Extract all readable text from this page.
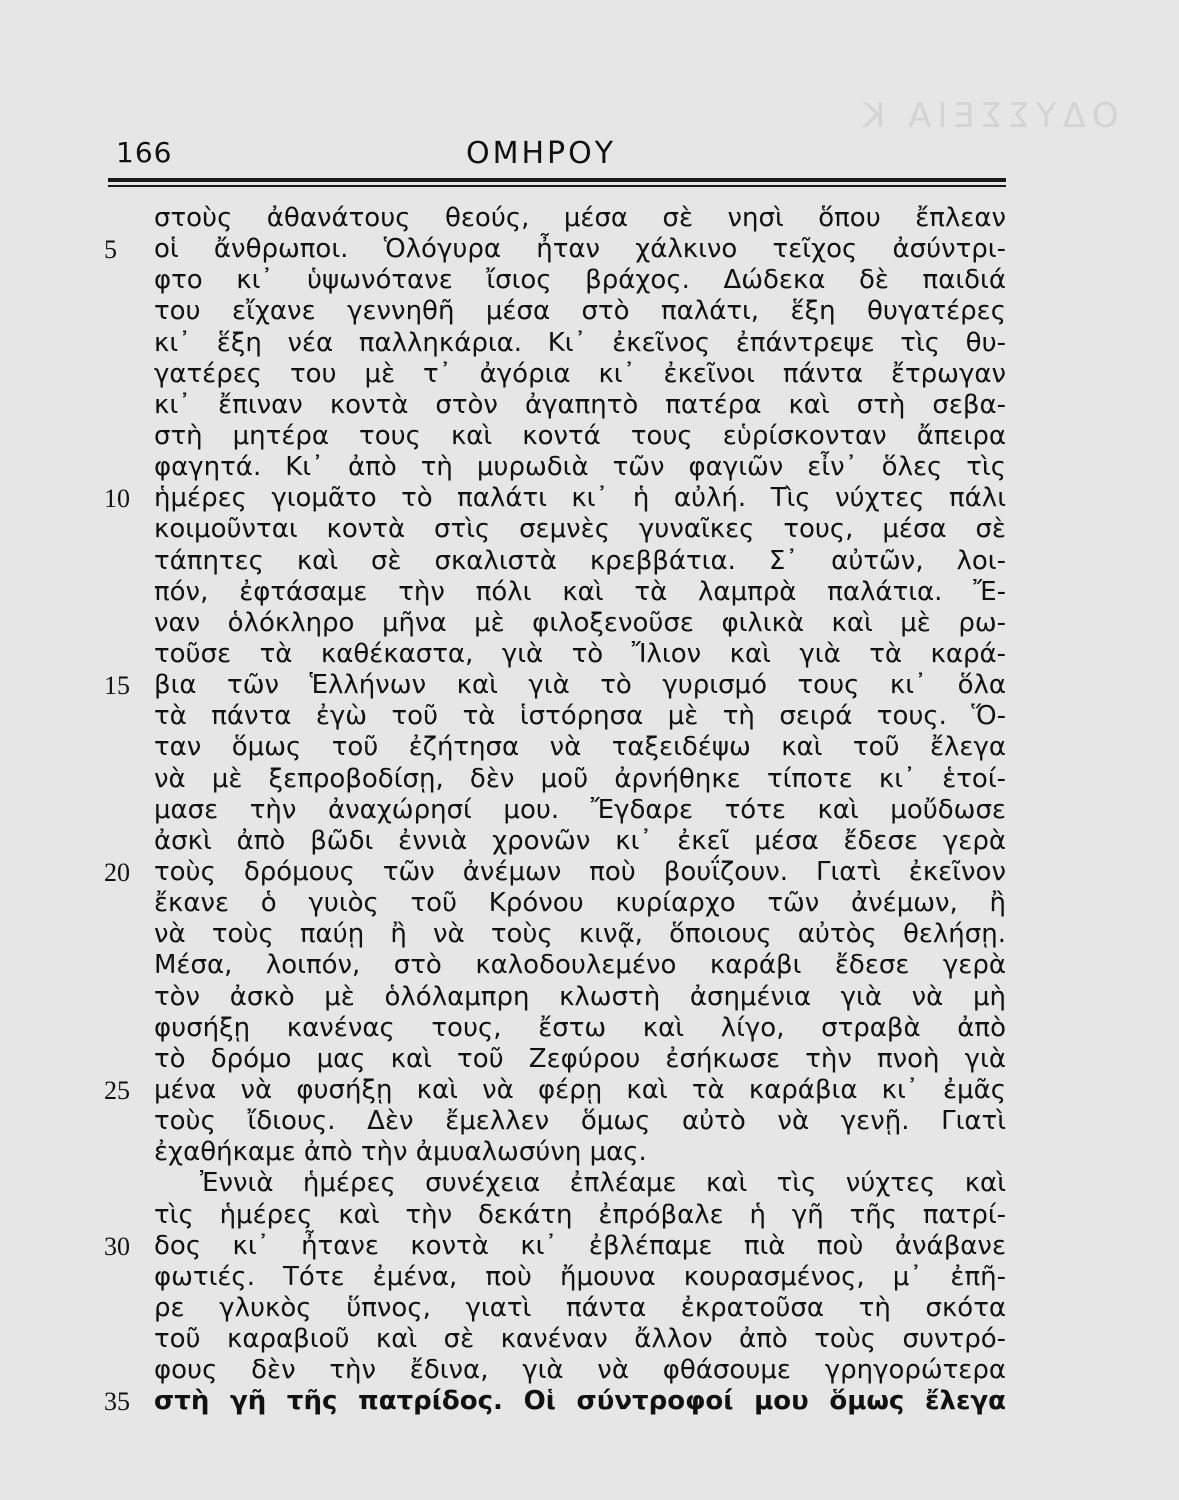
ΟΔΥΣΣΕΙΑ Κ
166	ΟΜΗΡΟΥ
στοὺς ἀθανάτους θεούς, μέσα σὲ νησὶ ὅπου ἔπλεαν
5	οἱ ἄνθρωποι. Ὁλόγυρα ἦταν χάλκινο τεῖχος ἀσύντρι-
φτο κι᾿ ὑψωνότανε ἴσιος βράχος. Δώδεκα δὲ παιδιά
του εἴχανε γεννηθῆ μέσα στὸ παλάτι, ἕξη θυγατέρες
κι᾿ ἕξη νέα παλληκάρια. Κι᾿ ἐκεῖνος ἐπάντρεψε τὶς θυ-
γατέρες του μὲ τ᾿ ἀγόρια κι᾿ ἐκεῖνοι πάντα ἔτρωγαν
κι᾿ ἔπιναν κοντὰ στὸν ἀγαπητὸ πατέρα καὶ στὴ σεβα-
στὴ μητέρα τους καὶ κοντά τους εὑρίσκονταν ἄπειρα
φαγητά. Κι᾿ ἀπὸ τὴ μυρωδιὰ τῶν φαγιῶν εἶν᾿ ὅλες τὶς
10 ἡμέρες γιομᾶτο τὸ παλάτι κι᾿ ἡ αὐλή. Τὶς νύχτες πάλι
κοιμοῦνται κοντὰ στὶς σεμνὲς γυναῖκες τους, μέσα σὲ
τάπητες καὶ σὲ σκαλιστὰ κρεββάτια. Σ᾿ αὐτῶν, λοι-
πόν, ἐφτάσαμε τὴν πόλι καὶ τὰ λαμπρὰ παλάτια. Ἔ-
ναν ὁλόκληρο μῆνα μὲ φιλοξενοῦσε φιλικὰ καὶ μὲ ρω-
τοῦσε τὰ καθέκαστα, γιὰ τὸ Ἴλιον καὶ γιὰ τὰ καρά-
15 βια τῶν Ἑλλήνων καὶ γιὰ τὸ γυρισμό τους κι᾿ ὅλα
τὰ πάντα ἐγὼ τοῦ τὰ ἱστόρησα μὲ τὴ σειρά τους. Ὅ-
ταν ὅμως τοῦ ἐζήτησα νὰ ταξειδέψω καὶ τοῦ ἔλεγα
νὰ μὲ ξεπροβοδίσῃ, δὲν μοῦ ἀρνήθηκε τίποτε κι᾿ ἑτοί-
μασε τὴν ἀναχώρησί μου. Ἔγδαρε τότε καὶ μοὔδωσε
ἀσκὶ ἀπὸ βῶδι ἐννιὰ χρονῶν κι᾿ ἐκεῖ μέσα ἔδεσε γερὰ
20 τοὺς δρόμους τῶν ἀνέμων ποὺ βουΐζουν. Γιατὶ ἐκεῖνον
ἔκανε ὁ γυιὸς τοῦ Κρόνου κυρίαρχο τῶν ἀνέμων, ἢ
νὰ τοὺς παύῃ ἢ νὰ τοὺς κινᾷ, ὅποιους αὐτὸς θελήσῃ.
Μέσα, λοιπόν, στὸ καλοδουλεμένο καράβι ἔδεσε γερὰ
τὸν ἀσκὸ μὲ ὁλόλαμπρη κλωστὴ ἀσημένια γιὰ νὰ μὴ
φυσήξῃ κανένας τους, ἔστω καὶ λίγο, στραβὰ ἀπὸ
τὸ δρόμο μας καὶ τοῦ Ζεφύρου ἐσήκωσε τὴν πνοὴ γιὰ
25 μένα νὰ φυσήξῃ καὶ νὰ φέρῃ καὶ τὰ καράβια κι᾿ ἐμᾶς
τοὺς ἴδιους. Δὲν ἔμελλεν ὅμως αὐτὸ νὰ γενῇ. Γιατὶ
ἐχαθήκαμε ἀπὸ τὴν ἀμυαλωσύνη μας.
Ἐννιὰ ἡμέρες συνέχεια ἐπλέαμε καὶ τὶς νύχτες καὶ
τὶς ἡμέρες καὶ τὴν δεκάτη ἐπρόβαλε ἡ γῆ τῆς πατρί-
30 δος κι᾿ ἦτανε κοντὰ κι᾿ ἐβλέπαμε πιὰ ποὺ ἀνάβανε
φωτιές. Τότε ἐμένα, ποὺ ἤμουνα κουρασμένος, μ᾿ ἐπῆ-
ρε γλυκὸς ὕπνος, γιατὶ πάντα ἐκρατοῦσα τὴ σκότα
τοῦ καραβιοῦ καὶ σὲ κανέναν ἄλλον ἀπὸ τοὺς συντρό-
φους δὲν τὴν ἔδινα, γιὰ νὰ φθάσουμε γρηγορώτερα
35 στὴ γῆ τῆς πατρίδος. Οἱ σύντροφοί μου ὅμως ἔλεγα
